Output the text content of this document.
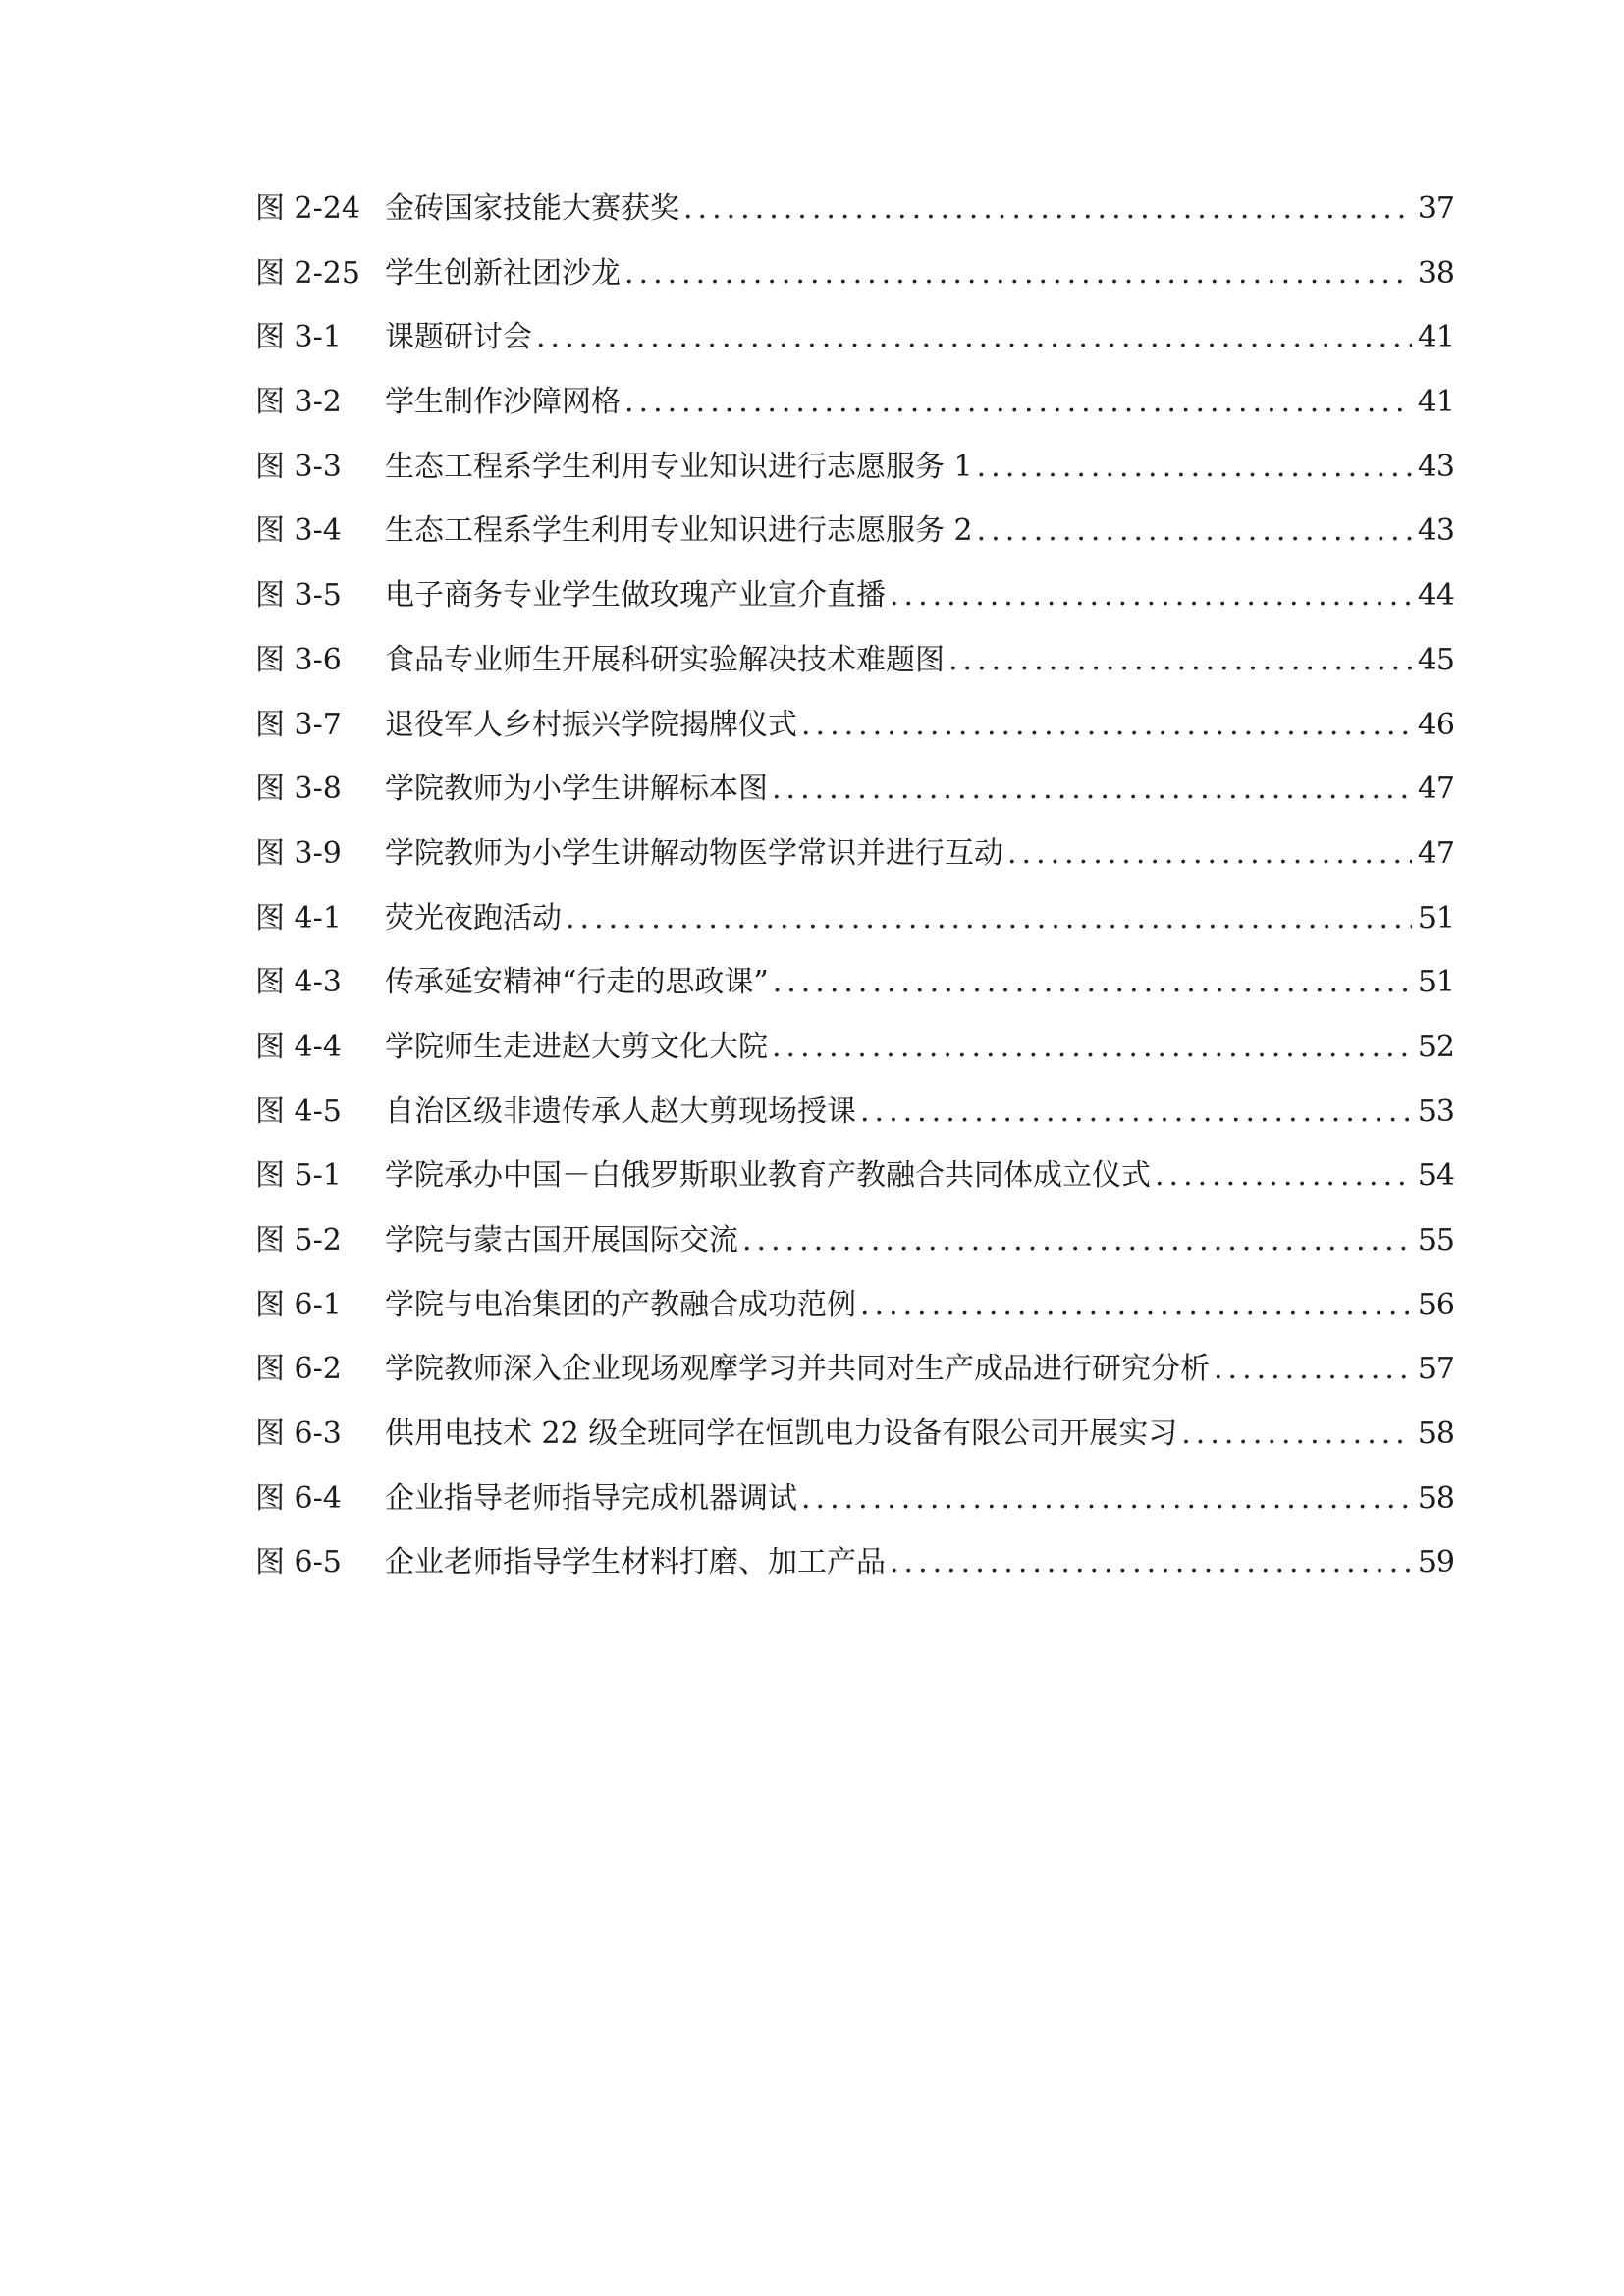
图 2-24 金砖国家技能大赛获奖 .....	37
图 2-25 学生创新社团沙龙 .....	38
图 3-1	课题研讨会 .....	41
图 3-2	学生制作沙障网格 .....	41
图 3-3	生态工程系学生利用专业知识进行志愿服务 1 .....	43
图 3-4	生态工程系学生利用专业知识进行志愿服务 2 .....	43
图 3-5	电子商务专业学生做玫瑰产业宣介直播 .....	44
图 3-6	食品专业师生开展科研实验解决技术难题图 .....	45
图 3-7	退役军人乡村振兴学院揭牌仪式 .....	46
图 3-8	学院教师为小学生讲解标本图 .....	47
图 3-9	学院教师为小学生讲解动物医学常识并进行互动 .....	47
图 4-1	荧光夜跑活动 .....	51
图 4-3	传承延安精神“行走的思政课” .....	51
图 4-4	学院师生走进赵大剪文化大院 .....	52
图 4-5	自治区级非遗传承人赵大剪现场授课 .....	53
图 5-1	学院承办中国－白俄罗斯职业教育产教融合共同体成立仪式 .....	54
图 5-2	学院与蒙古国开展国际交流 .....	55
图 6-1	学院与电冶集团的产教融合成功范例 .....	56
图 6-2	学院教师深入企业现场观摩学习并共同对生产成品进行研究分析 .....	57
图 6-3	供用电技术 22 级全班同学在恒凯电力设备有限公司开展实习 .....	58
图 6-4	企业指导老师指导完成机器调试 .....	58
图 6-5	企业老师指导学生材料打磨、加工产品 .....	59
